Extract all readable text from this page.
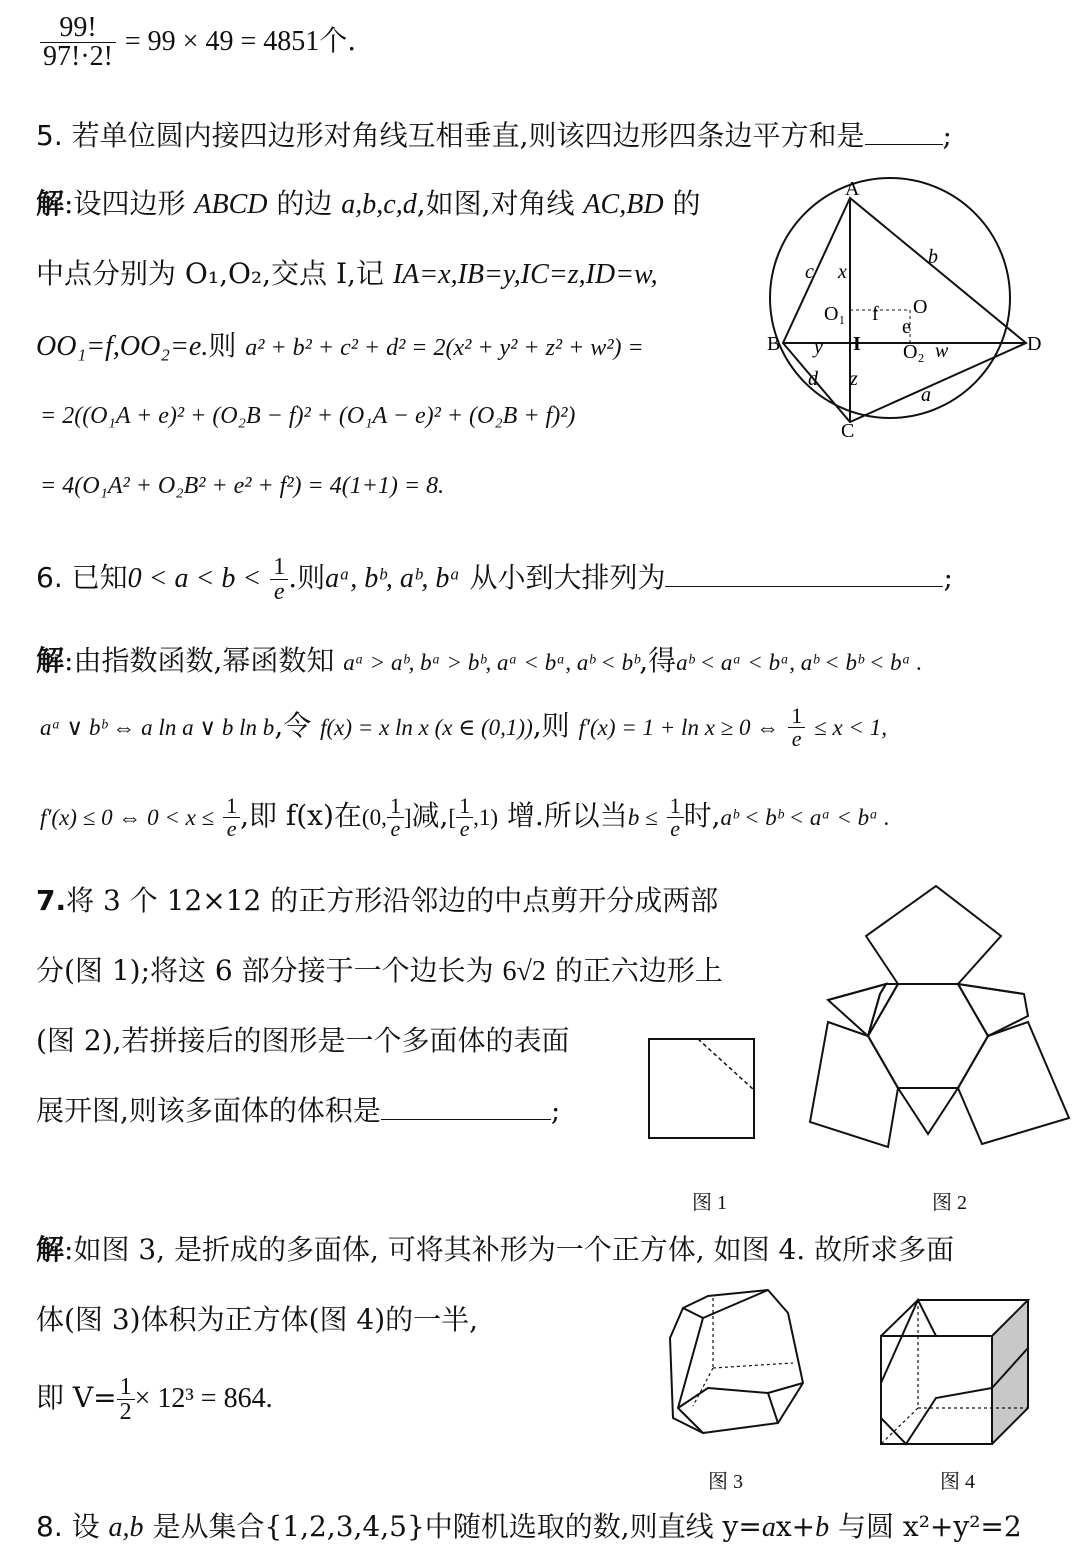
$\frac{99!}{97!\cdot 2!} = 99 \times 49 = 4851$个.
5. 若单位圆内接四边形对角线互相垂直,则该四边形四条边平方和是	;
解:设四边形 ABCD 的边 a,b,c,d,如图,对角线 AC,BD 的
中点分别为 O₁,O₂,交点 I,记 IA=x,IB=y,IC=z,ID=w,
OO₁=f,OO₂=e.则 a² + b² + c² + d² = 2(x² + y² + z² + w²) =
= 2((O₁A + e)² + (O₂B − f)² + (O₁A − e)² + (O₂B + f)²)
= 4(O₁A² + O₂B² + e² + f²) = 4(1+1) = 8.
A
B
C
D
a
b
c
d
x
y
z
w
O₁ f O
e
I O₂
6. 已知$0 < a < b < \frac{1}{e}$ .则aᵃ, bᵇ, aᵇ, bᵃ 从小到大排列为	;
解:由指数函数,幂函数知 aᵃ > aᵇ, bᵃ > bᵇ, aᵃ < bᵃ, aᵇ < bᵇ,得aᵇ < aᵃ < bᵃ, aᵇ < bᵇ < bᵃ .
aᵃ ∨ bᵇ ⇔ a ln a ∨ b ln b,令 f(x) = x ln x (x ∈ (0,1)),则 f′(x) = 1 + ln x ≥ 0 ⇔ $\frac{1}{e} \le x < 1$,
f′(x) ≤ 0 ⇔ $0 < x \le \frac{1}{e}$ ,即 f(x)在(0, $\frac{1}{e}$ ]减,[ $\frac{1}{e} ,1$) 增.所以当$b \le \frac{1}{e}$ 时,aᵇ < bᵇ < aᵃ < bᵃ .
7.将 3 个 12×12 的正方形沿邻边的中点剪开分成两部
分(图 1);将这 6 部分接于一个边长为 6√2 的正六边形上
(图 2),若拼接后的图形是一个多面体的表面
展开图,则该多面体的体积是	;
图 1	图 2
解:如图 3, 是折成的多面体, 可将其补形为一个正方体, 如图 4. 故所求多面
体(图 3)体积为正方体(图 4)的一半,
即 $V= \frac{1}{2} \times 12^3 = 864$.
图 3	图 4
8. 设 a,b 是从集合{1,2,3,4,5}中随机选取的数,则直线 y=ax+b 与圆 x²+y²=2
